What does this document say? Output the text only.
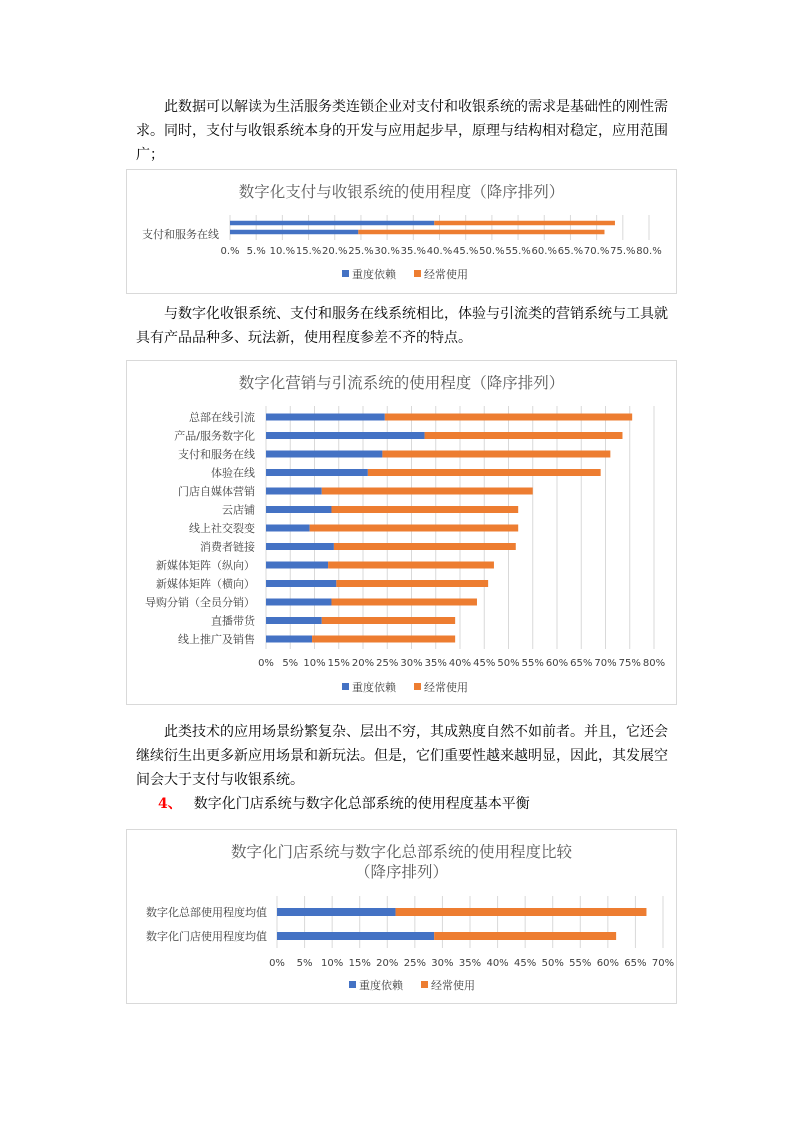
此数据可以解读为生活服务类连锁企业对支付和收银系统的需求是基础性的刚性需求。同时，支付与收银系统本身的开发与应用起步早，原理与结构相对稳定，应用范围广；

数字化支付与收银系统的使用程度（降序排列）
0.% 5.% 10.% 15.% 20.% 25.% 30.% 35.% 40.% 45.% 50.% 55.% 60.% 65.% 70.% 75.% 80.%
支付和服务在线
重度依赖	经常使用

与数字化收银系统、支付和服务在线系统相比，体验与引流类的营销系统与工具就具有产品品种多、玩法新，使用程度参差不齐的特点。

数字化营销与引流系统的使用程度（降序排列）
0% 5% 10% 15% 20% 25% 30% 35% 40% 45% 50% 55% 60% 65% 70% 75% 80%
总部在线引流
产品/服务数字化
支付和服务在线
体验在线
门店自媒体营销
云店铺
线上社交裂变
消费者链接
新媒体矩阵（纵向）
新媒体矩阵（横向）
导购分销（全员分销）
直播带货
线上推广及销售
重度依赖	经常使用

此类技术的应用场景纷繁复杂、层出不穷，其成熟度自然不如前者。并且，它还会继续衍生出更多新应用场景和新玩法。但是，它们重要性越来越明显，因此，其发展空间会大于支付与收银系统。

4、 数字化门店系统与数字化总部系统的使用程度基本平衡
数字化门店系统与数字化总部系统的使用程度比较
（降序排列）
0% 5% 10% 15% 20% 25% 30% 35% 40% 45% 50% 55% 60% 65% 70%
数字化总部使用程度均值
数字化门店使用程度均值
重度依赖	经常使用
